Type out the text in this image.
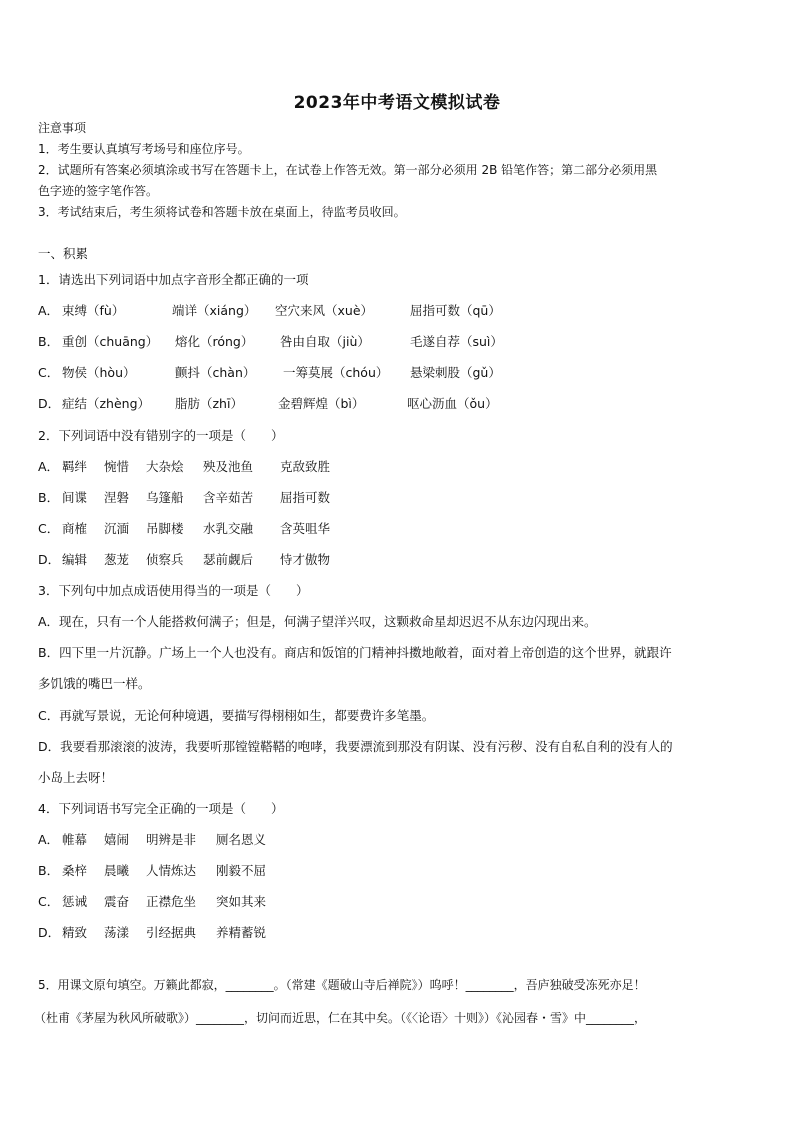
2023年中考语文模拟试卷
注意事项
1．考生要认真填写考场号和座位序号。
2．试题所有答案必须填涂或书写在答题卡上，在试卷上作答无效。第一部分必须用 2B 铅笔作答；第二部分必须用黑
色字迹的签字笔作答。
3．考试结束后，考生须将试卷和答题卡放在桌面上，待监考员收回。
一、积累
1．请选出下列词语中加点字音形全都正确的一项
A． 束缚（fù）	端详（xiáng） 空穴来风（xuè）	屈指可数（qū）
B． 重创（chuāng） 熔化（róng） 咎由自取（jiù）	毛遂自荐（suì）
C． 物侯（hòu）	颤抖（chàn） 一筹莫展（chóu） 悬梁刺股（gǔ）
D． 症结（zhèng） 脂肪（zhī）	金碧辉煌（bì）	呕心沥血（ǒu）
2．下列词语中没有错别字的一项是（　　）
A． 羁绊 惋惜 大杂烩 殃及池鱼 克敌致胜
B． 间谍 涅磐 乌篷船 含辛茹苦 屈指可数
C． 商榷 沉湎 吊脚楼 水乳交融 含英咀华
D． 编辑 葱茏 侦察兵 瑟前觑后 恃才傲物
3．下列句中加点成语使用得当的一项是（　　）
A．现在，只有一个人能搭救何满子；但是，何满子望洋兴叹，这颗救命星却迟迟不从东边闪现出来。
B．四下里一片沉静。广场上一个人也没有。商店和饭馆的门精神抖擞地敞着，面对着上帝创造的这个世界，就跟许
多饥饿的嘴巴一样。
C．再就写景说，无论何种境遇，要描写得栩栩如生，都要费许多笔墨。
D．我要看那滚滚的波涛，我要听那镗镗鞳鞳的咆哮，我要漂流到那没有阴谋、没有污秽、没有自私自利的没有人的
小岛上去呀！
4．下列词语书写完全正确的一项是（　　）
A． 帷幕 嬉闹 明辨是非 厕名恩义
B． 桑梓 晨曦 人情炼达 刚毅不屈
C． 惩诫 震奋 正襟危坐 突如其来
D． 精致 荡漾 引经据典 养精蓄锐
5．用课文原句填空。万籁此都寂，________。（常建《题破山寺后禅院》）呜呼！________，吾庐独破受冻死亦足！
（杜甫《茅屋为秋风所破歌》）________，切问而近思，仁在其中矣。（《〈论语〉十则》）《沁园春・雪》中________，
